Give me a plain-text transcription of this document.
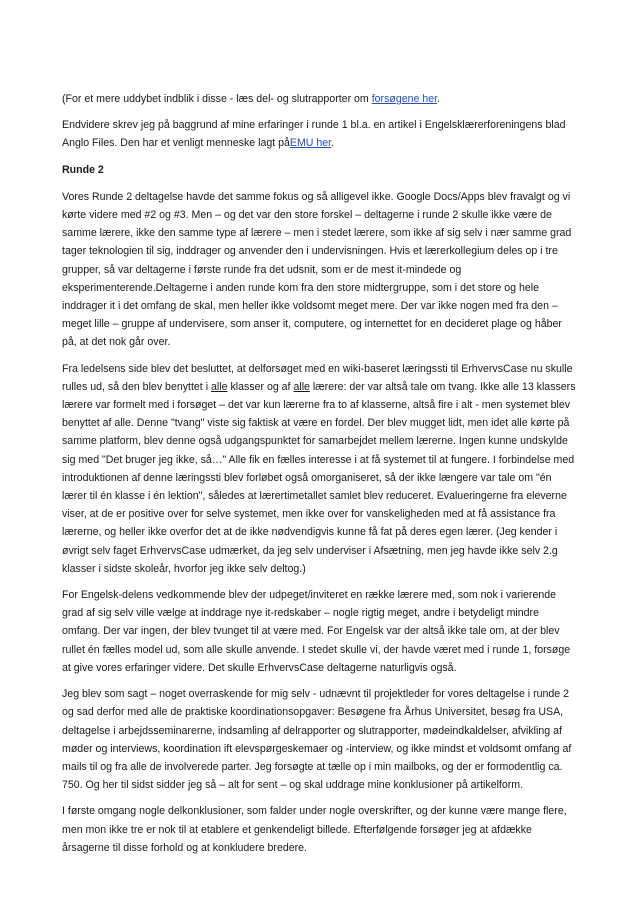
(For et mere uddybet indblik i disse - læs del- og slutrapporter om forsøgene her.

Endvidere skrev jeg på baggrund af mine erfaringer i runde 1 bl.a. en artikel i Engelsklærerforeningens blad Anglo Files. Den har et venligt menneske lagt påEMU her.

Runde 2

Vores Runde 2 deltagelse havde det samme fokus og så alligevel ikke. Google Docs/Apps blev fravalgt og vi kørte videre med #2 og #3. Men – og det var den store forskel – deltagerne i runde 2 skulle ikke være de samme lærere, ikke den samme type af lærere – men i stedet lærere, som ikke af sig selv i nær samme grad tager teknologien til sig, inddrager og anvender den i undervisningen. Hvis et lærerkollegium deles op i tre grupper, så var deltagerne i første runde fra det udsnit, som er de mest it-mindede og eksperimenterende.Deltagerne i anden runde kom fra den store midtergruppe, som i det store og hele inddrager it i det omfang de skal, men heller ikke voldsomt meget mere. Der var ikke nogen med fra den – meget lille – gruppe af undervisere, som anser it, computere, og internettet for en decideret plage og håber på, at det nok går over.

Fra ledelsens side blev det besluttet, at delforsøget med en wiki-baseret læringssti til ErhvervsCase nu skulle rulles ud, så den blev benyttet i alle klasser og af alle lærere: der var altså tale om tvang. Ikke alle 13 klassers lærere var formelt med i forsøget – det var kun lærerne fra to af klasserne, altså fire i alt - men systemet blev benyttet af alle. Denne "tvang" viste sig faktisk at være en fordel. Der blev mugget lidt, men idet alle kørte på samme platform, blev denne også udgangspunktet for samarbejdet mellem lærerne. Ingen kunne undskylde sig med "Det bruger jeg ikke, så…" Alle fik en fælles interesse i at få systemet til at fungere. I forbindelse med introduktionen af denne læringssti blev forløbet også omorganiseret, så der ikke længere var tale om "én lærer til én klasse i én lektion", således at lærertimetallet samlet blev reduceret. Evalueringerne fra eleverne viser, at de er positive over for selve systemet, men ikke over for vanskeligheden med at få assistance fra lærerne, og heller ikke overfor det at de ikke nødvendigvis kunne få fat på deres egen lærer. (Jeg kender i øvrigt selv faget ErhvervsCase udmærket, da jeg selv underviser i Afsætning, men jeg havde ikke selv 2.g klasser i sidste skoleår, hvorfor jeg ikke selv deltog.)

For Engelsk-delens vedkommende blev der udpeget/inviteret en række lærere med, som nok i varierende grad af sig selv ville vælge at inddrage nye it-redskaber – nogle rigtig meget, andre i betydeligt mindre omfang. Der var ingen, der blev tvunget til at være med. For Engelsk var der altså ikke tale om, at der blev rullet én fælles model ud, som alle skulle anvende. I stedet skulle vi, der havde været med i runde 1, forsøge at give vores erfaringer videre. Det skulle ErhvervsCase deltagerne naturligvis også.

Jeg blev som sagt – noget overraskende for mig selv - udnævnt til projektleder for vores deltagelse i runde 2 og sad derfor med alle de praktiske koordinationsopgaver: Besøgene fra Århus Universitet, besøg fra USA, deltagelse i arbejdsseminarerne, indsamling af delrapporter og slutrapporter, mødeindkaldelser, afvikling af møder og interviews, koordination ift elevspørgeskemaer og -interview, og ikke mindst et voldsomt omfang af mails til og fra alle de involverede parter. Jeg forsøgte at tælle op i min mailboks, og der er formodentlig ca. 750. Og her til sidst sidder jeg så – alt for sent – og skal uddrage mine konklusioner på artikelform.

I første omgang nogle delkonklusioner, som falder under nogle overskrifter, og der kunne være mange flere, men mon ikke tre er nok til at etablere et genkendeligt billede. Efterfølgende forsøger jeg at afdække årsagerne til disse forhold og at konkludere bredere.
